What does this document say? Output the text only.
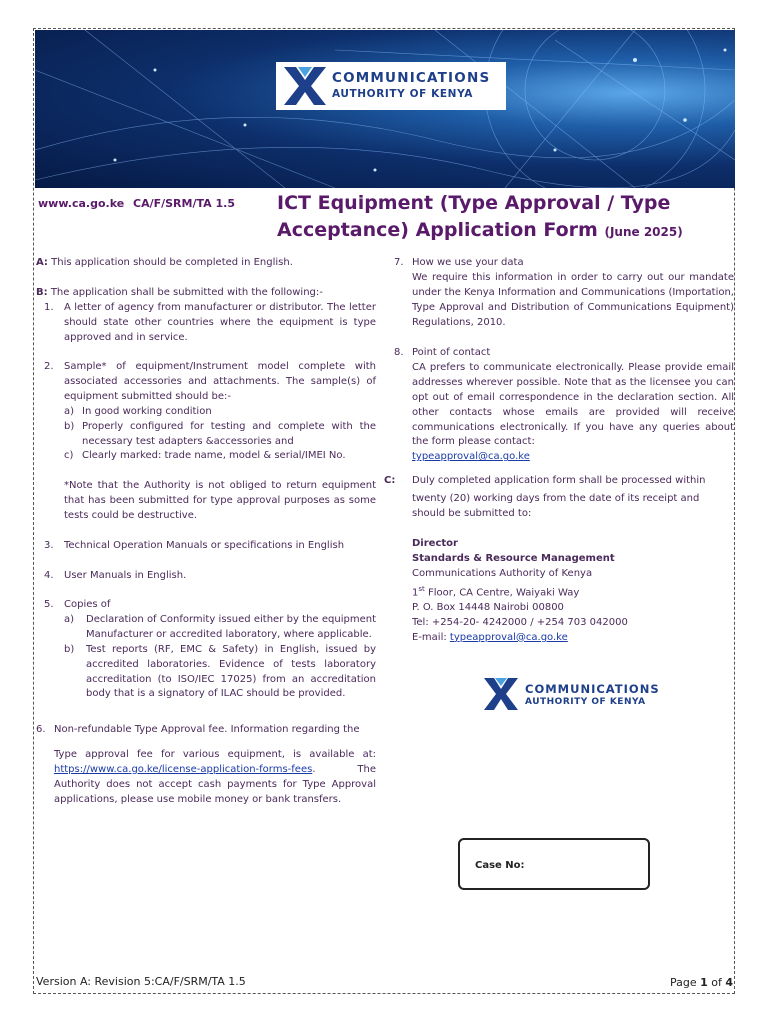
COMMUNICATIONS
AUTHORITY OF KENYA
www.ca.go.ke CA/F/SRM/TA 1.5 ICT Equipment (Type Approval / Type
Acceptance) Application Form (June 2025)

A: This application should be completed in English.

B: The application shall be submitted with the following:-

1. A letter of agency from manufacturer or distributor. The letter should state other countries where the equipment is type approved and in service.

2. Sample* of equipment/Instrument model complete with associated accessories and attachments. The sample(s) of equipment submitted should be:-

a) In good working condition

b) Properly configured for testing and complete with the necessary test adapters &accessories and

c) Clearly marked: trade name, model & serial/IMEI No.

*Note that the Authority is not obliged to return equipment that has been submitted for type approval purposes as some tests could be destructive.
3. Technical Operation Manuals or specifications in English

4. User Manuals in English.

5. Copies of

a) Declaration of Conformity issued either by the equipment Manufacturer or accredited laboratory, where applicable.

b) Test reports (RF, EMC & Safety) in English, issued by accredited laboratories. Evidence of tests laboratory accreditation (to ISO/IEC 17025) from an accreditation body that is a signatory of ILAC should be provided.

6. Non-refundable Type Approval fee. Information regarding the

Type approval fee for various equipment, is available at: https://www.ca.go.ke/license-application-forms-fees. The Authority does not accept cash payments for Type Approval applications, please use mobile money or bank transfers.
7. How we use your data

We require this information in order to carry out our mandate under the Kenya Information and Communications (Importation, Type Approval and Distribution of Communications Equipment) Regulations, 2010.

8. Point of contact

CA prefers to communicate electronically. Please provide email addresses wherever possible. Note that as the licensee you can opt out of email correspondence in the declaration section. All other contacts whose emails are provided will receive communications electronically. If you have any queries about the form please contact:

typeapproval@ca.go.ke

C: Duly completed application form shall be processed within

twenty (20) working days from the date of its receipt and should be submitted to:

Director

Standards & Resource Management

Communications Authority of Kenya

1st Floor, CA Centre, Waiyaki Way

P. O. Box 14448 Nairobi 00800

Tel: +254-20- 4242000 / +254 703 042000

E-mail: typeapproval@ca.go.ke

COMMUNICATIONS
AUTHORITY OF KENYA
Case No:
Version A: Revision 5:CA/F/SRM/TA 1.5	Page 1 of 4
